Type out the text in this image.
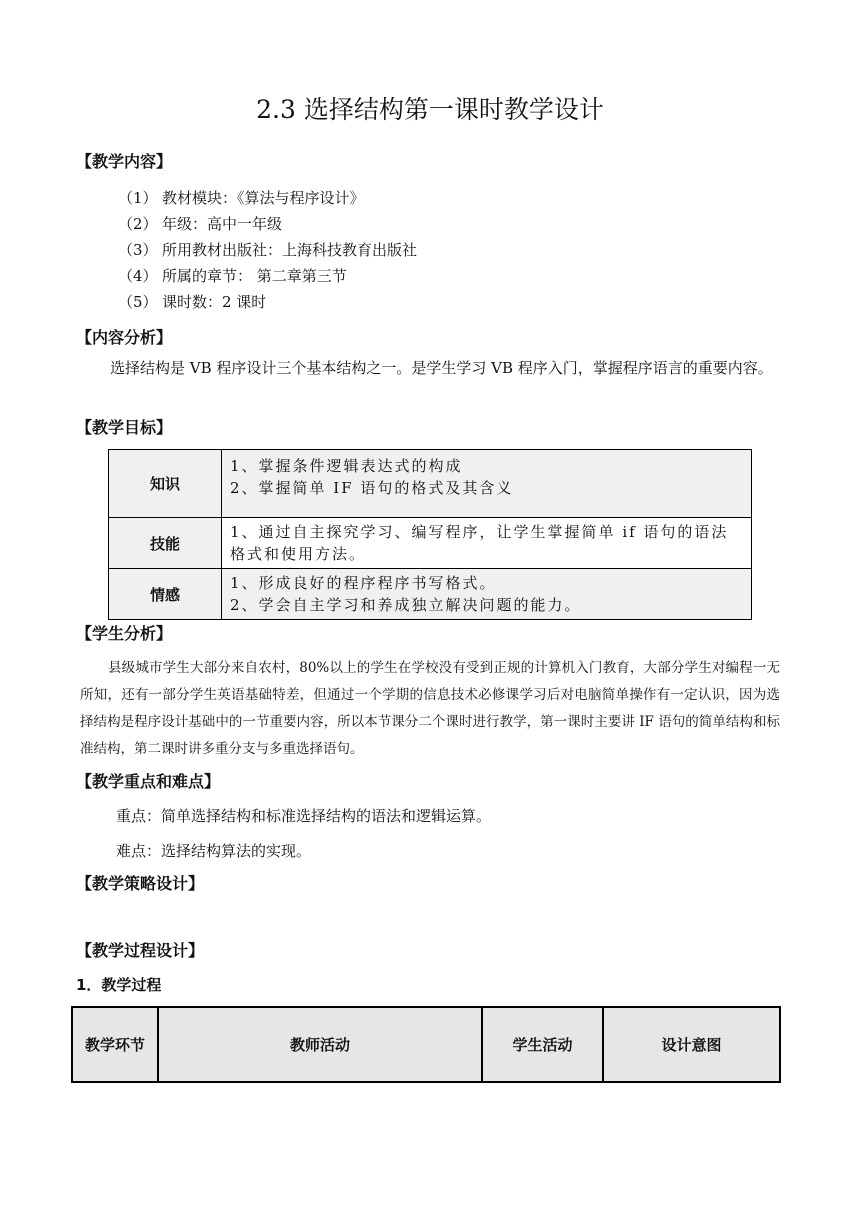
2.3 选择结构第一课时教学设计
【教学内容】
（1） 教材模块：《算法与程序设计》
（2） 年级：高中一年级
（3） 所用教材出版社：上海科技教育出版社
（4） 所属的章节： 第二章第三节
（5） 课时数：2 课时
【内容分析】
选择结构是 VB 程序设计三个基本结构之一。是学生学习 VB 程序入门，掌握程序语言的重要内容。
【教学目标】
知识	1、掌握条件逻辑表达式的构成
2、掌握简单 IF 语句的格式及其含义

技能	1、通过自主探究学习、编写程序，让学生掌握简单 if 语句的语法格式和使用方法。

情感	1、形成良好的程序程序书写格式。
2、学会自主学习和养成独立解决问题的能力。
【学生分析】
县级城市学生大部分来自农村，80%以上的学生在学校没有受到正规的计算机入门教育，大部分学生对编程一无所知，还有一部分学生英语基础特差，但通过一个学期的信息技术必修课学习后对电脑简单操作有一定认识，因为选择结构是程序设计基础中的一节重要内容，所以本节课分二个课时进行教学，第一课时主要讲 IF 语句的简单结构和标准结构，第二课时讲多重分支与多重选择语句。
【教学重点和难点】
重点：简单选择结构和标准选择结构的语法和逻辑运算。
难点：选择结构算法的实现。
【教学策略设计】
【教学过程设计】
1．教学过程
教学环节	教师活动	学生活动	设计意图
